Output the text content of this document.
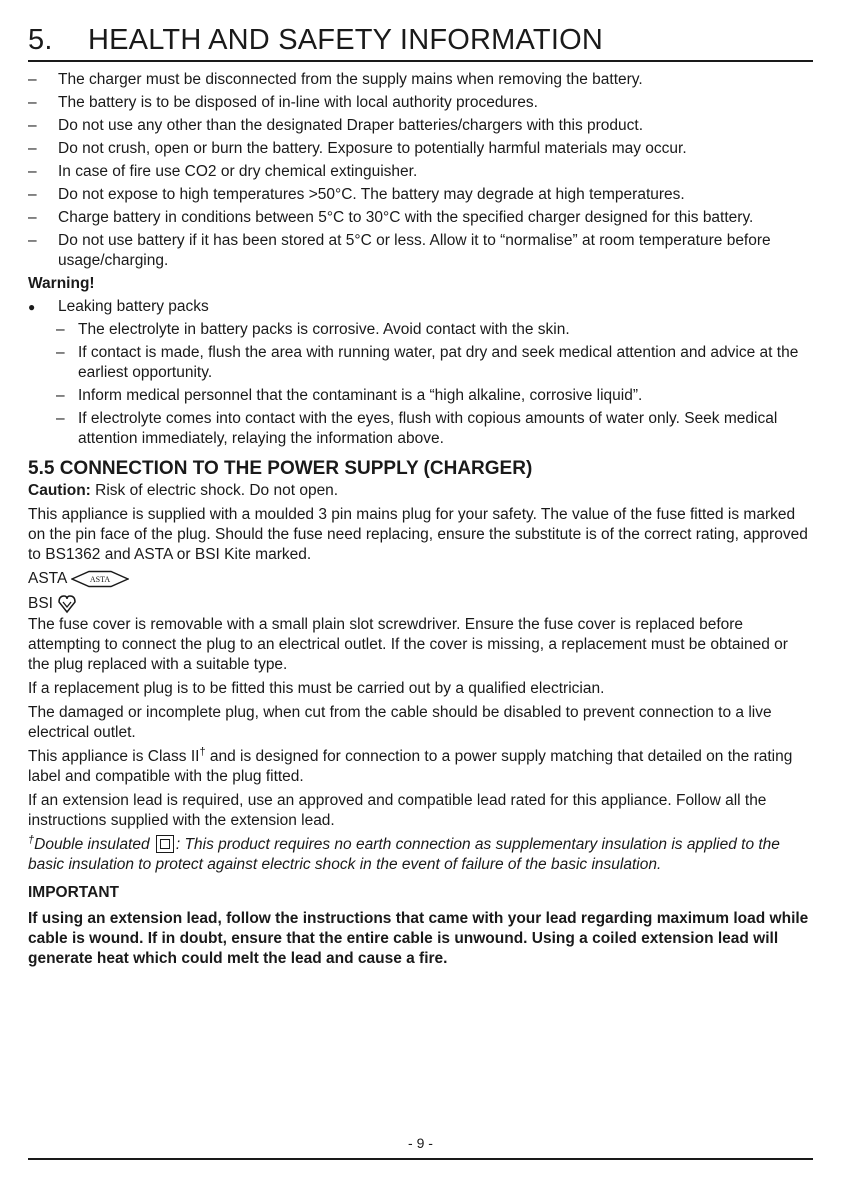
5.	HEALTH AND SAFETY INFORMATION
– The charger must be disconnected from the supply mains when removing the battery.
– The battery is to be disposed of in-line with local authority procedures.
– Do not use any other than the designated Draper batteries/chargers with this product.
– Do not crush, open or burn the battery. Exposure to potentially harmful materials may occur.
– In case of fire use CO2 or dry chemical extinguisher.
– Do not expose to high temperatures >50°C. The battery may degrade at high temperatures.
– Charge battery in conditions between 5°C to 30°C with the specified charger designed for this battery.
– Do not use battery if it has been stored at 5°C or less. Allow it to “normalise” at room temperature before usage/charging.
Warning!
● Leaking battery packs
– The electrolyte in battery packs is corrosive. Avoid contact with the skin.
– If contact is made, flush the area with running water, pat dry and seek medical attention and advice at the earliest opportunity.
– Inform medical personnel that the contaminant is a “high alkaline, corrosive liquid”.
– If electrolyte comes into contact with the eyes, flush with copious amounts of water only. Seek medical attention immediately, relaying the information above.
5.5 CONNECTION TO THE POWER SUPPLY (CHARGER)

Caution: Risk of electric shock. Do not open.

This appliance is supplied with a moulded 3 pin mains plug for your safety. The value of the fuse fitted is marked on the pin face of the plug. Should the fuse need replacing, ensure the substitute is of the correct rating, approved to BS1362 and ASTA or BSI Kite marked.

ASTA	ASTA
BSI

The fuse cover is removable with a small plain slot screwdriver. Ensure the fuse cover is replaced before attempting to connect the plug to an electrical outlet. If the cover is missing, a replacement must be obtained or the plug replaced with a suitable type.

If a replacement plug is to be fitted this must be carried out by a qualified electrician.

The damaged or incomplete plug, when cut from the cable should be disabled to prevent connection to a live electrical outlet.

This appliance is Class II† and is designed for connection to a power supply matching that detailed on the rating label and compatible with the plug fitted.

If an extension lead is required, use an approved and compatible lead rated for this appliance. Follow all the instructions supplied with the extension lead.

†Double insulated : This product requires no earth connection as supplementary insulation is applied to the basic insulation to protect against electric shock in the event of failure of the basic insulation.

IMPORTANT
If using an extension lead, follow the instructions that came with your lead regarding maximum load while cable is wound. If in doubt, ensure that the entire cable is unwound. Using a coiled extension lead will generate heat which could melt the lead and cause a fire.
- 9 -
